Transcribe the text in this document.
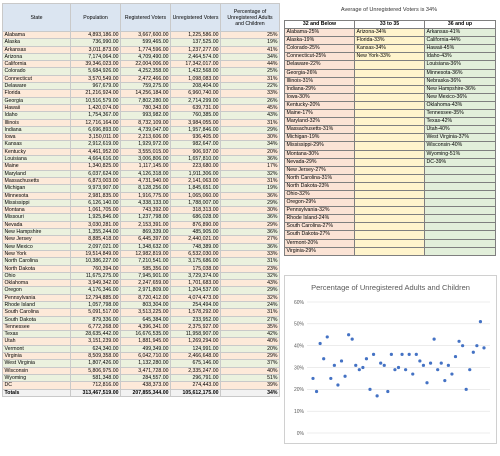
State	Population	Registered Voters	Unregistered Voters	Percentage of Unregistered Adults and Children
Alabama	4,893,186.00	3,667,600.00	1,225,586.00	25%
Alaska	736,990.00	599,465.00	137,525.00	19%
Arkansas	3,011,873.00	1,774,596.00	1,237,277.00	41%
Arizona	7,174,064.00	4,709,490.00	2,464,574.00	34%
California	39,346,023.00	22,004,006.00	17,342,017.00	44%
Colorado	5,684,926.00	4,252,358.00	1,432,568.00	25%
Connecticut	3,570,549.00	2,472,466.00	1,098,083.00	31%
Delaware	967,679.00	759,275.00	208,404.00	22%
Florida	21,216,924.00	14,256,184.00	6,960,740.00	33%
Georgia	10,516,579.00	7,802,280.00	2,714,299.00	26%
Hawaii	1,420,074.00	780,343.00	639,731.00	45%
Idaho	1,754,367.00	993,982.00	760,385.00	43%
Illinois	12,716,164.00	8,732,109.00	3,984,055.00	31%
Indiana	6,696,893.00	4,739,047.00	1,957,846.00	29%
Iowa	3,150,011.00	2,213,606.00	936,405.00	30%
Kansas	2,912,619.00	1,929,972.00	982,647.00	34%
Kentucky	4,461,952.00	3,555,015.00	906,937.00	20%
Louisiana	4,664,616.00	3,006,806.00	1,657,810.00	36%
Maine	1,340,825.00	1,117,145.00	223,680.00	17%
Maryland	6,037,624.00	4,126,318.00	1,911,306.00	32%
Massachusetts	6,873,003.00	4,731,940.00	2,141,063.00	31%
Michigan	9,973,907.00	8,128,256.00	1,845,651.00	19%
Minnesota	2,981,835.00	1,916,775.00	1,065,060.00	36%
Mississippi	6,126,140.00	4,338,133.00	1,788,007.00	29%
Montana	1,061,705.00	743,392.00	318,313.00	30%
Missouri	1,925,846.00	1,237,798.00	686,028.00	36%
Nevada	3,030,281.00	2,153,391.00	876,890.00	29%
New Hampshire	1,355,244.00	869,339.00	485,905.00	36%
New Jersey	8,885,418.00	6,445,397.00	2,440,021.00	27%
New Mexico	2,097,021.00	1,348,632.00	748,389.00	36%
New York	19,514,849.00	12,982,819.00	6,532,030.00	33%
North Carolina	10,386,227.00	7,210,541.00	3,175,686.00	31%
North Dakota	760,394.00	585,356.00	175,038.00	23%
Ohio	11,675,275.00	7,945,901.00	3,729,374.00	32%
Oklahoma	3,949,342.00	2,247,659.00	1,701,683.00	43%
Oregon	4,176,346.00	2,971,809.00	1,204,537.00	29%
Pennsylvania	12,794,885.00	8,720,412.00	4,074,473.00	32%
Rhode Island	1,057,798.00	803,304.00	254,494.00	24%
South Carolina	5,091,517.00	3,513,225.00	1,578,292.00	31%
South Dakota	879,336.00	645,384.00	233,952.00	27%
Tennessee	6,772,268.00	4,396,341.00	2,375,927.00	35%
Texas	28,635,442.00	16,676,535.00	11,958,907.00	42%
Utah	3,151,239.00	1,881,945.00	1,269,294.00	40%
Vermont	624,340.00	499,349.00	124,991.00	20%
Virginia	8,509,358.00	6,042,710.00	2,466,648.00	29%
West Virginia	1,807,426.00	1,132,280.00	675,146.00	37%
Wisconsin	5,806,975.00	3,471,728.00	2,335,247.00	40%
Wyoming	581,348.00	284,557.00	296,791.00	51%
DC	712,816.00	438,373.00	274,443.00	39%
Totals	313,467,519.00	207,855,344.00	105,612,175.00	34%
Average of Unregistered Voters is 34%
32 and Below	33 to 35	36 and up
Alabama-25%	Arizona-34%	Arkansas-41%
Alaska-19%	Florida-33%	California-44%
Colorado-25%	Kansas-34%	Hawaii-45%
Connecticut-25%	New York-33%	Idaho-43%
Delaware-22%		Louisiana-36%
Georgia-26%		Minnesota-36%
Illinois-31%		Nebraska-36%
Indiana-29%		New Hampshire-36%
Iowa-30%		New Mexico-36%
Kentucky-20%		Oklahoma-43%
Maine-17%		Tennessee-35%
Maryland-32%		Texas-42%
Massachusetts-31%		Utah-40%
Michigan-19%		West Virginia-37%
Mississippi-29%		Wisconsin-40%
Montana-30%		Wyoming-51%
Nevada-29%		DC-39%
New Jersey-27%		
North Carolina-31%		
North Dakota-23%		
Ohio-32%		
Oregon-29%		
Pennsylvania-32%		
Rhode Island-24%		
South Carolina-27%		
South Dakota-27%		
Vermont-20%		
Virginia-29%		
Percentage of Unregistered Adults and Children
0%
10%
20%
30%
40%
50%
60%
